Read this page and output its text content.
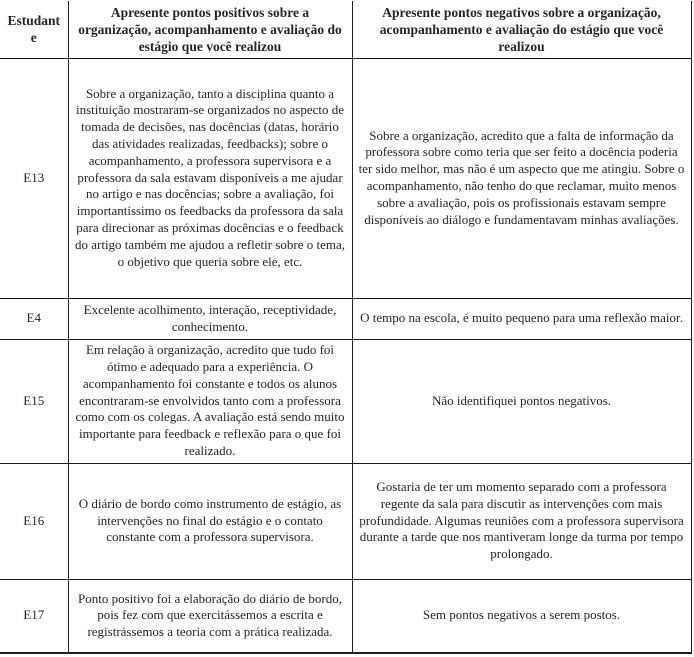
Estudante	Apresente pontos positivos sobre a organização, acompanhamento e avaliação do estágio que você realizou	Apresente pontos negativos sobre a organização, acompanhamento e avaliação do estágio que você realizou
E13	Sobre a organização, tanto a disciplina quanto a instituição mostraram-se organizados no aspecto de tomada de decisões, nas docências (datas, horário das atividades realizadas, feedbacks); sobre o acompanhamento, a professora supervisora e a professora da sala estavam disponíveis a me ajudar no artigo e nas docências; sobre a avaliação, foi importantíssimo os feedbacks da professora da sala para direcionar as próximas docências e o feedback do artigo também me ajudou a refletir sobre o tema, o objetivo que queria sobre ele, etc.	Sobre a organização, acredito que a falta de informação da professora sobre como teria que ser feito a docência poderia ter sido melhor, mas não é um aspecto que me atingiu. Sobre o acompanhamento, não tenho do que reclamar, muito menos sobre a avaliação, pois os profissionais estavam sempre disponíveis ao diálogo e fundamentavam minhas avaliações.
E4	Excelente acolhimento, interação, receptividade, conhecimento.	O tempo na escola, é muito pequeno para uma reflexão maior.
E15	Em relação à organização, acredito que tudo foi ótimo e adequado para a experiência. O acompanhamento foi constante e todos os alunos encontraram-se envolvidos tanto com a professora como com os colegas. A avaliação está sendo muito importante para feedback e reflexão para o que foi realizado.	Não identifiquei pontos negativos.
E16	O diário de bordo como instrumento de estágio, as intervenções no final do estágio e o contato constante com a professora supervisora.	Gostaria de ter um momento separado com a professora regente da sala para discutir as intervenções com mais profundidade. Algumas reuniões com a professora supervisora durante a tarde que nos mantiveram longe da turma por tempo prolongado.
E17	Ponto positivo foi a elaboração do diário de bordo, pois fez com que exercitássemos a escrita e registrássemos a teoria com a prática realizada.	Sem pontos negativos a serem postos.
